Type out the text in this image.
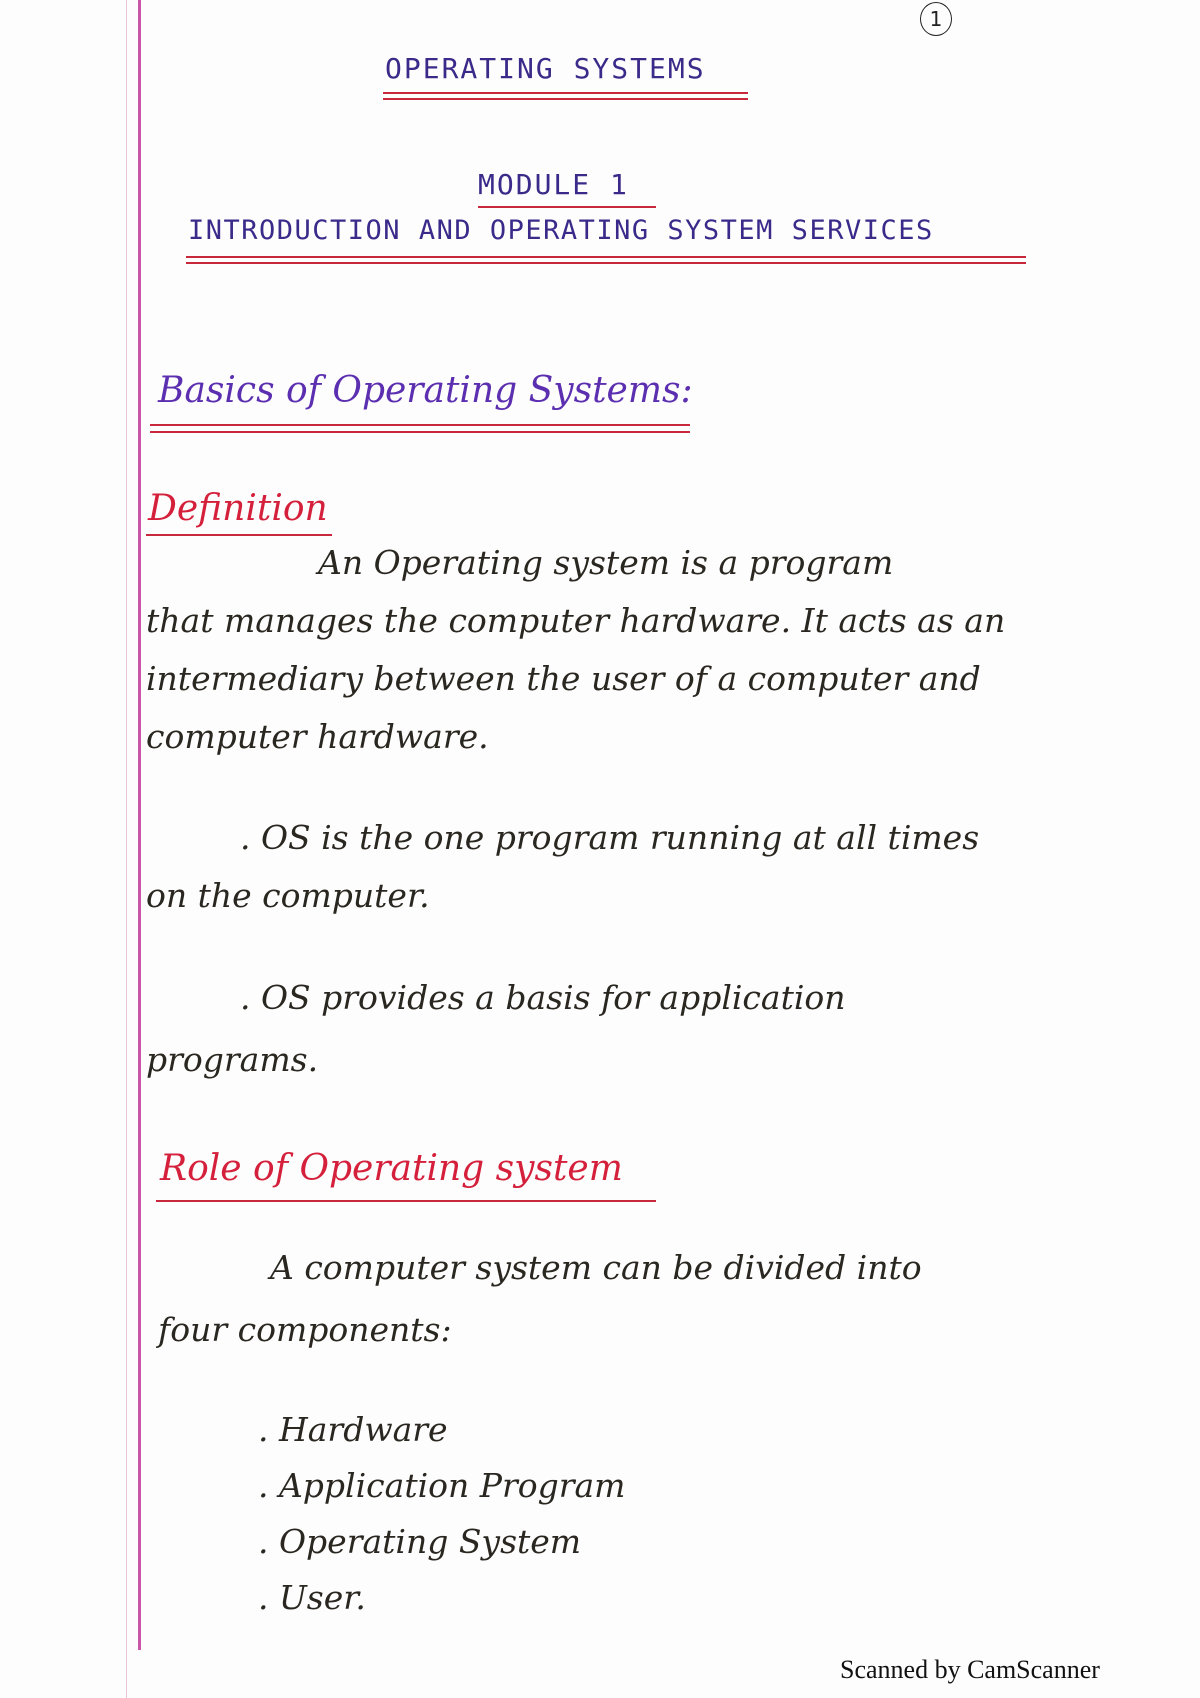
1
OPERATING SYSTEMS
MODULE 1
INTRODUCTION AND OPERATING SYSTEM SERVICES
Basics of Operating Systems:
Definition
An Operating system is a program
that manages the computer hardware. It acts as an
intermediary between the user of a computer and
computer hardware.
. OS is the one program running at all times
on the computer.
. OS provides a basis for application
programs.
Role of Operating system
A computer system can be divided into
four components:
. Hardware
. Application Program
. Operating System
. User.
Scanned by CamScanner
